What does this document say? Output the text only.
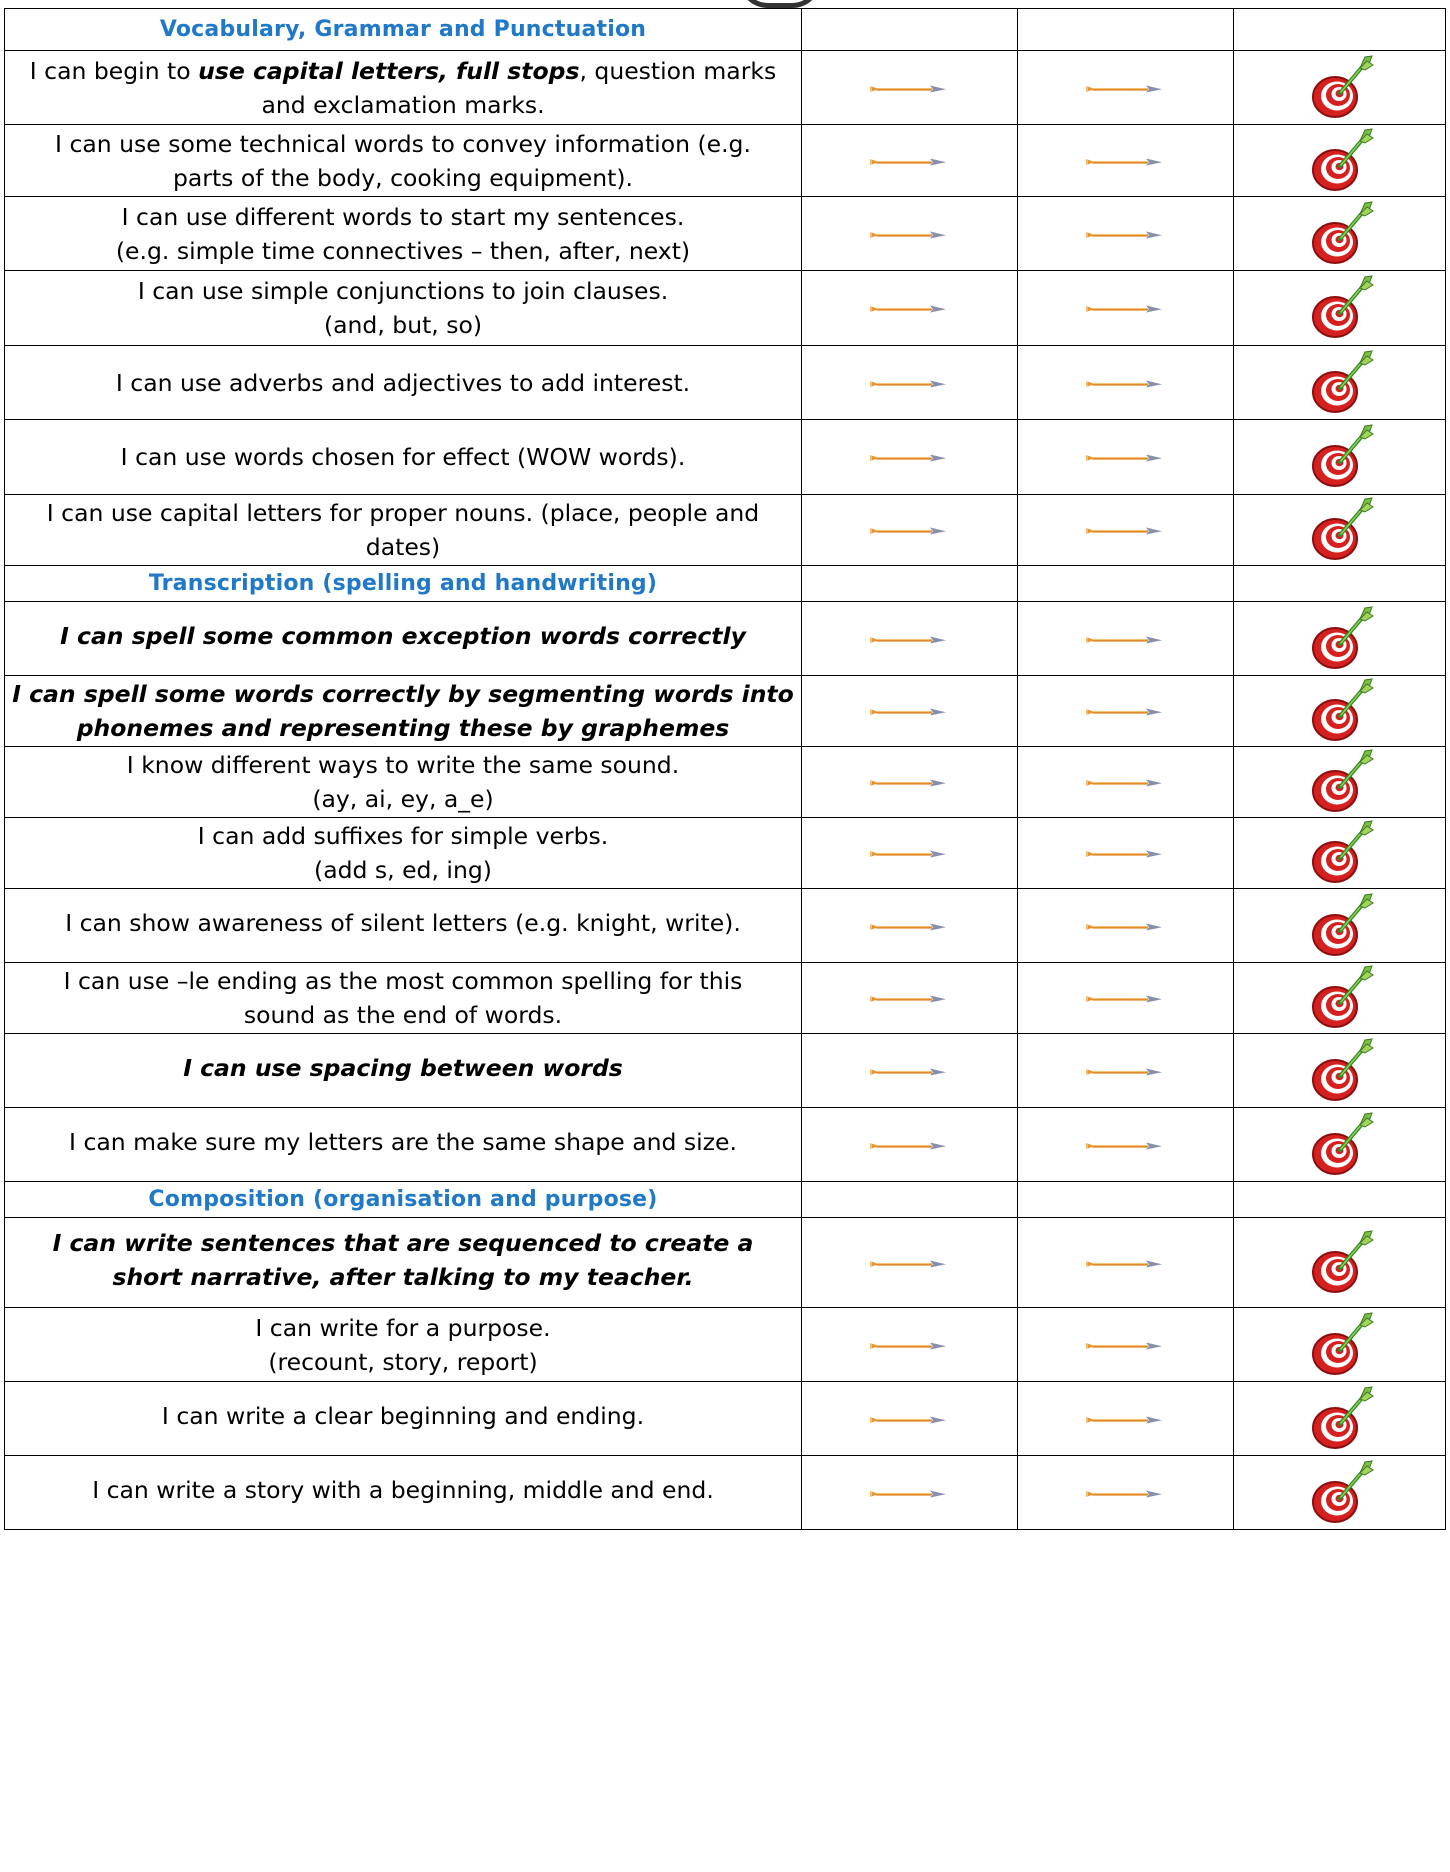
Vocabulary, Grammar and Punctuation			

I can begin to use capital letters, full stops, question marks
and exclamation marks.

I can use some technical words to convey information (e.g.
parts of the body, cooking equipment).

I can use different words to start my sentences.
(e.g. simple time connectives – then, after, next)

I can use simple conjunctions to join clauses.
(and, but, so)

I can use adverbs and adjectives to add interest.

I can use words chosen for effect (WOW words).

I can use capital letters for proper nouns. (place, people and
dates)

Transcription (spelling and handwriting)			

I can spell some common exception words correctly

I can spell some words correctly by segmenting words into
phonemes and representing these by graphemes

I know different ways to write the same sound.
(ay, ai, ey, a_e)

I can add suffixes for simple verbs.
(add s, ed, ing)

I can show awareness of silent letters (e.g. knight, write).

I can use –le ending as the most common spelling for this
sound as the end of words.

I can use spacing between words

I can make sure my letters are the same shape and size.

Composition (organisation and purpose)			

I can write sentences that are sequenced to create a
short narrative, after talking to my teacher.

I can write for a purpose.
(recount, story, report)

I can write a clear beginning and ending.

I can write a story with a beginning, middle and end.
